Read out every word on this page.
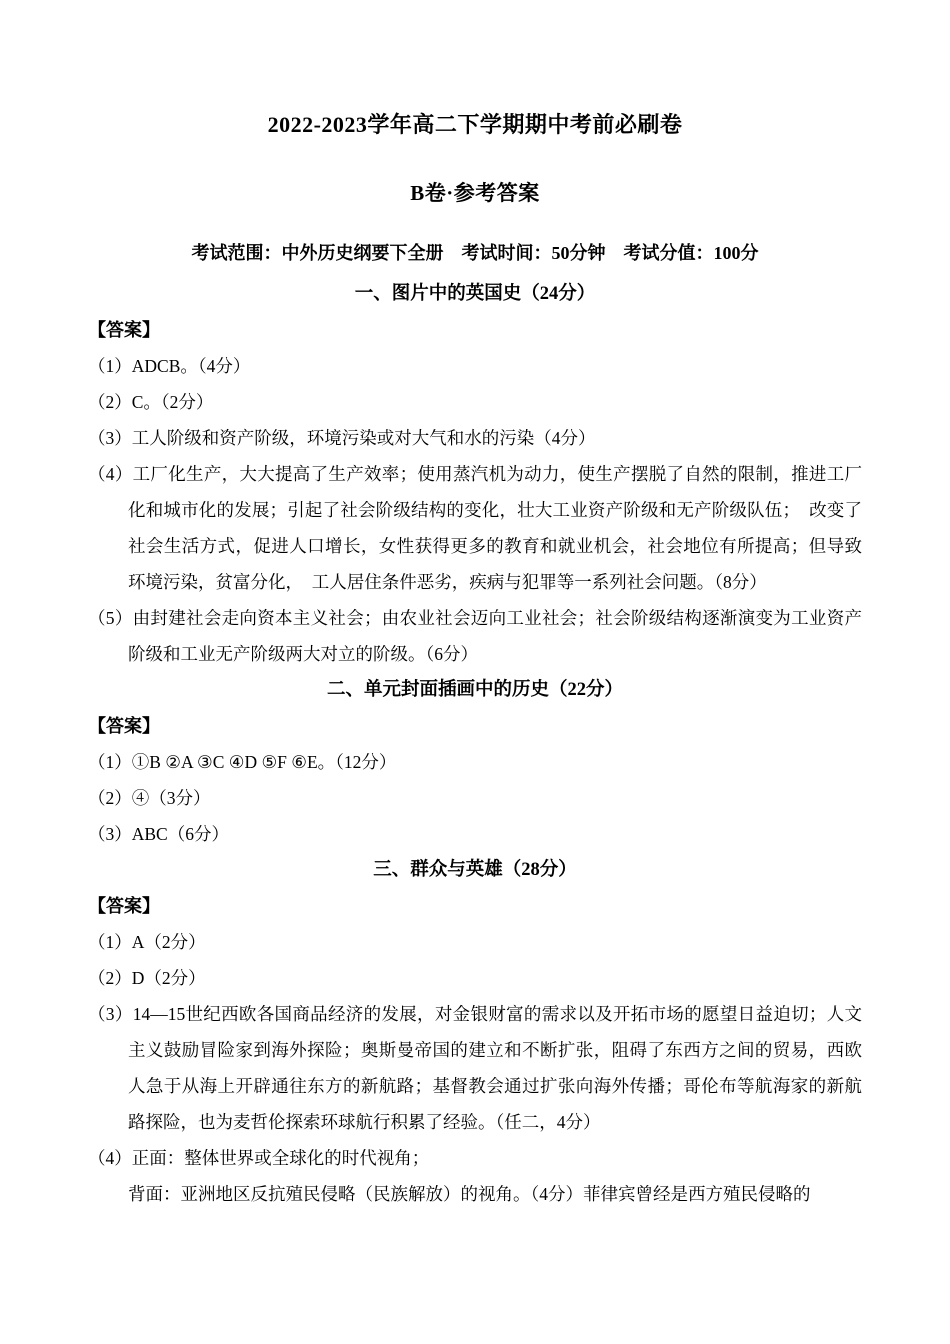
2022-2023学年高二下学期期中考前必刷卷
B卷·参考答案
考试范围：中外历史纲要下全册　考试时间：50分钟　考试分值：100分
一、图片中的英国史（24分）
【答案】

（1）ADCB。（4分）

（2）C。（2分）

（3）工人阶级和资产阶级，环境污染或对大气和水的污染（4分）

（4）工厂化生产，大大提高了生产效率；使用蒸汽机为动力，使生产摆脱了自然的限制，推进工厂化和城市化的发展；引起了社会阶级结构的变化，壮大工业资产阶级和无产阶级队伍；　改变了社会生活方式，促进人口增长，女性获得更多的教育和就业机会，社会地位有所提高；但导致环境污染，贫富分化，　工人居住条件恶劣，疾病与犯罪等一系列社会问题。（8分）

（5）由封建社会走向资本主义社会；由农业社会迈向工业社会；社会阶级结构逐渐演变为工业资产阶级和工业无产阶级两大对立的阶级。（6分）

二、单元封面插画中的历史（22分）
【答案】

（1）①B ②A ③C ④D ⑤F ⑥E。（12分）

（2）④（3分）

（3）ABC（6分）

三、群众与英雄（28分）
【答案】

（1）A（2分）

（2）D（2分）

（3）14—15世纪西欧各国商品经济的发展，对金银财富的需求以及开拓市场的愿望日益迫切；人文主义鼓励冒险家到海外探险；奥斯曼帝国的建立和不断扩张，阻碍了东西方之间的贸易，西欧人急于从海上开辟通往东方的新航路；基督教会通过扩张向海外传播；哥伦布等航海家的新航路探险，也为麦哲伦探索环球航行积累了经验。（任二，4分）

（4）正面：整体世界或全球化的时代视角；
背面：亚洲地区反抗殖民侵略（民族解放）的视角。（4分）菲律宾曾经是西方殖民侵略的
